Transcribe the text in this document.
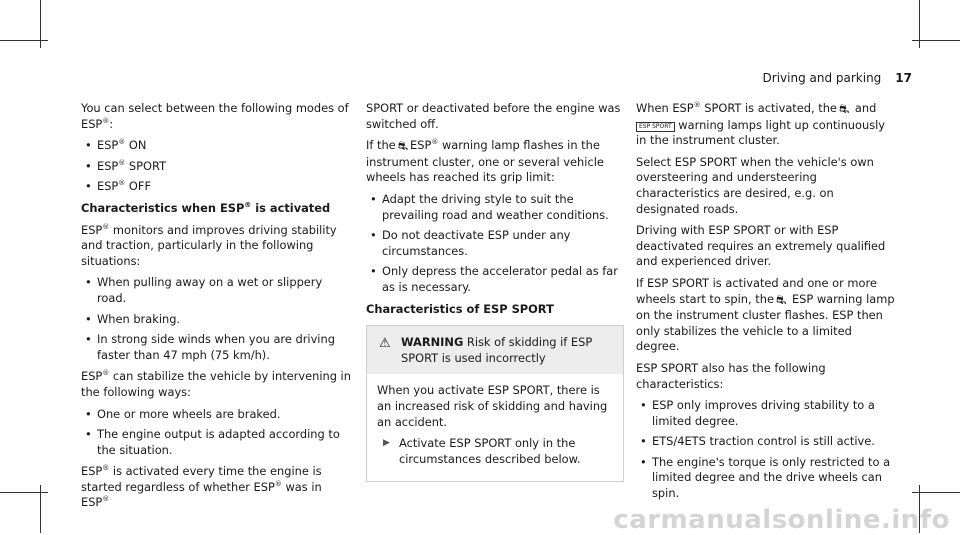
Driving and parking 17

You can select between the following modes of ESP®:

• ESP® ON
• ESP® SPORT
• ESP® OFF
Characteristics when ESP® is activated

ESP® monitors and improves driving stability and traction, particularly in the following situations:

• When pulling away on a wet or slippery road.
• When braking.
• In strong side winds when you are driving faster than 47 mph (75 km/h).

ESP® can stabilize the vehicle by intervening in the following ways:

• One or more wheels are braked.
• The engine output is adapted according to the situation.

ESP® is activated every time the engine is started regardless of whether ESP® was in ESP®

SPORT or deactivated before the engine was switched off.

If the ⛐ ESP® warning lamp flashes in the instrument cluster, one or several vehicle wheels has reached its grip limit:

• Adapt the driving style to suit the prevailing road and weather conditions.
• Do not deactivate ESP under any circumstances.
• Only depress the accelerator pedal as far as is necessary.
Characteristics of ESP SPORT
⚠ WARNING Risk of skidding if ESP SPORT is used incorrectly

When you activate ESP SPORT, there is an increased risk of skidding and having an accident.

▶ Activate ESP SPORT only in the circumstances described below.

When ESP® SPORT is activated, the ⛐ and
ESP SPORT warning lamps light up continuously in the instrument cluster.

Select ESP SPORT when the vehicle's own oversteering and understeering characteristics are desired, e.g. on designated roads.

Driving with ESP SPORT or with ESP deactivated requires an extremely qualified and experienced driver.

If ESP SPORT is activated and one or more wheels start to spin, the ⛐ ESP warning lamp on the instrument cluster flashes. ESP then only stabilizes the vehicle to a limited degree.

ESP SPORT also has the following characteristics:

• ESP only improves driving stability to a limited degree.
• ETS/4ETS traction control is still active.
• The engine's torque is only restricted to a limited degree and the drive wheels can spin.
carmanualsonline.info
